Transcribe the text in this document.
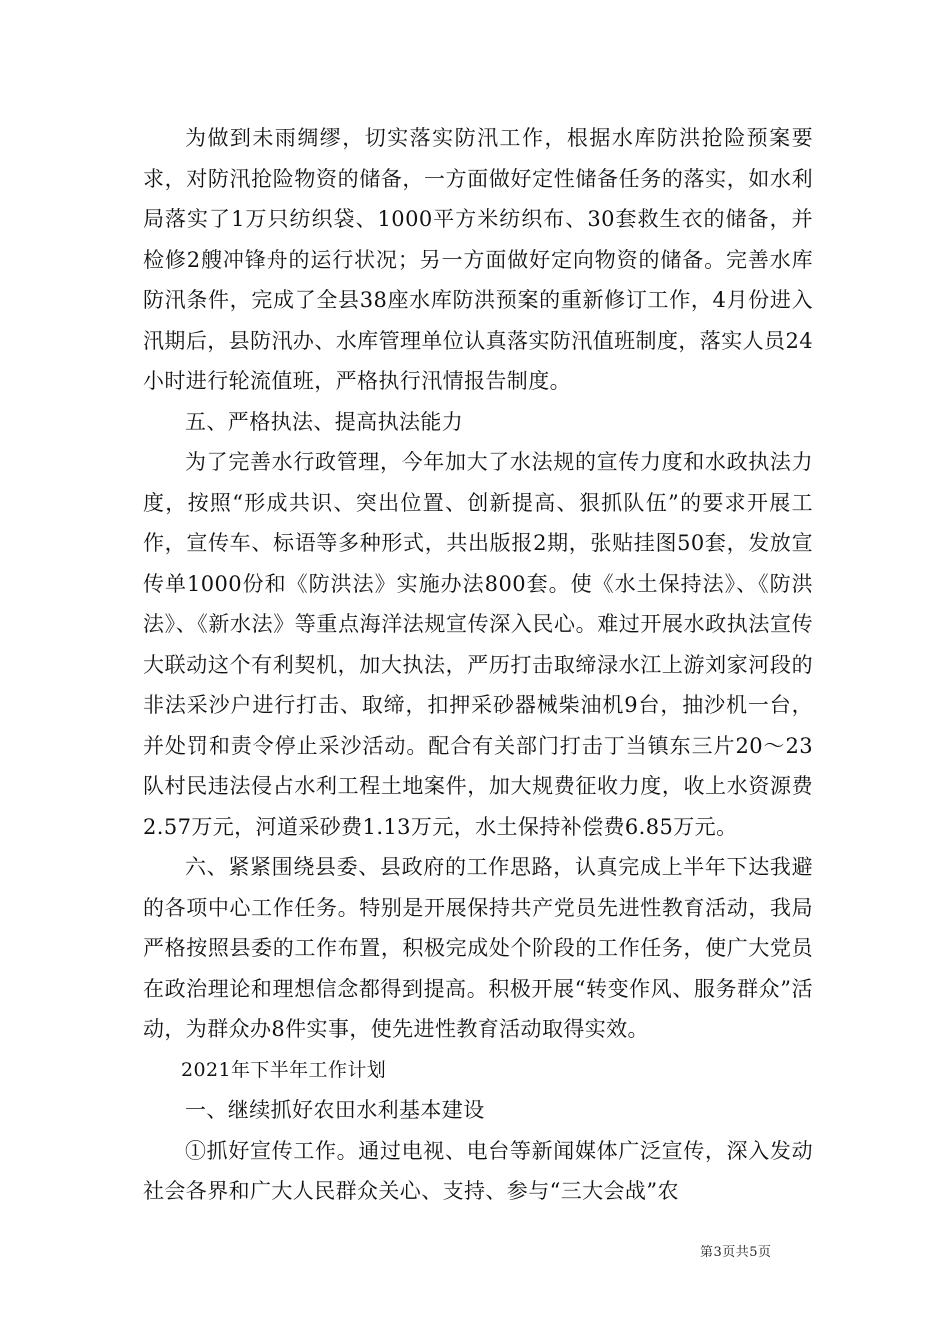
为做到未雨绸缪，切实落实防汛工作，根据水库防洪抢险预案要求，对防汛抢险物资的储备，一方面做好定性储备任务的落实，如水利局落实了1万只纺织袋、1000平方米纺织布、30套救生衣的储备，并检修2艘冲锋舟的运行状况；另一方面做好定向物资的储备。完善水库防汛条件，完成了全县38座水库防洪预案的重新修订工作，4月份进入汛期后，县防汛办、水库管理单位认真落实防汛值班制度，落实人员24小时进行轮流值班，严格执行汛情报告制度。

五、严格执法、提高执法能力

为了完善水行政管理，今年加大了水法规的宣传力度和水政执法力度，按照“形成共识、突出位置、创新提高、狠抓队伍”的要求开展工作，宣传车、标语等多种形式，共出版报2期，张贴挂图50套，发放宣传单1000份和《防洪法》实施办法800套。使《水土保持法》、《防洪法》、《新水法》等重点海洋法规宣传深入民心。难过开展水政执法宣传大联动这个有利契机，加大执法，严历打击取缔渌水江上游刘家河段的非法采沙户进行打击、取缔，扣押采砂器械柴油机9台，抽沙机一台，并处罚和责令停止采沙活动。配合有关部门打击丁当镇东三片20～23队村民违法侵占水利工程土地案件，加大规费征收力度，收上水资源费2.57万元，河道采砂费1.13万元，水土保持补偿费6.85万元。

六、紧紧围绕县委、县政府的工作思路，认真完成上半年下达我避的各项中心工作任务。特别是开展保持共产党员先进性教育活动，我局严格按照县委的工作布置，积极完成处个阶段的工作任务，使广大党员在政治理论和理想信念都得到提高。积极开展“转变作风、服务群众”活动，为群众办8件实事，使先进性教育活动取得实效。

2021年下半年工作计划

一、继续抓好农田水利基本建设

①抓好宣传工作。通过电视、电台等新闻媒体广泛宣传，深入发动社会各界和广大人民群众关心、支持、参与“三大会战”农

第3页共5页
